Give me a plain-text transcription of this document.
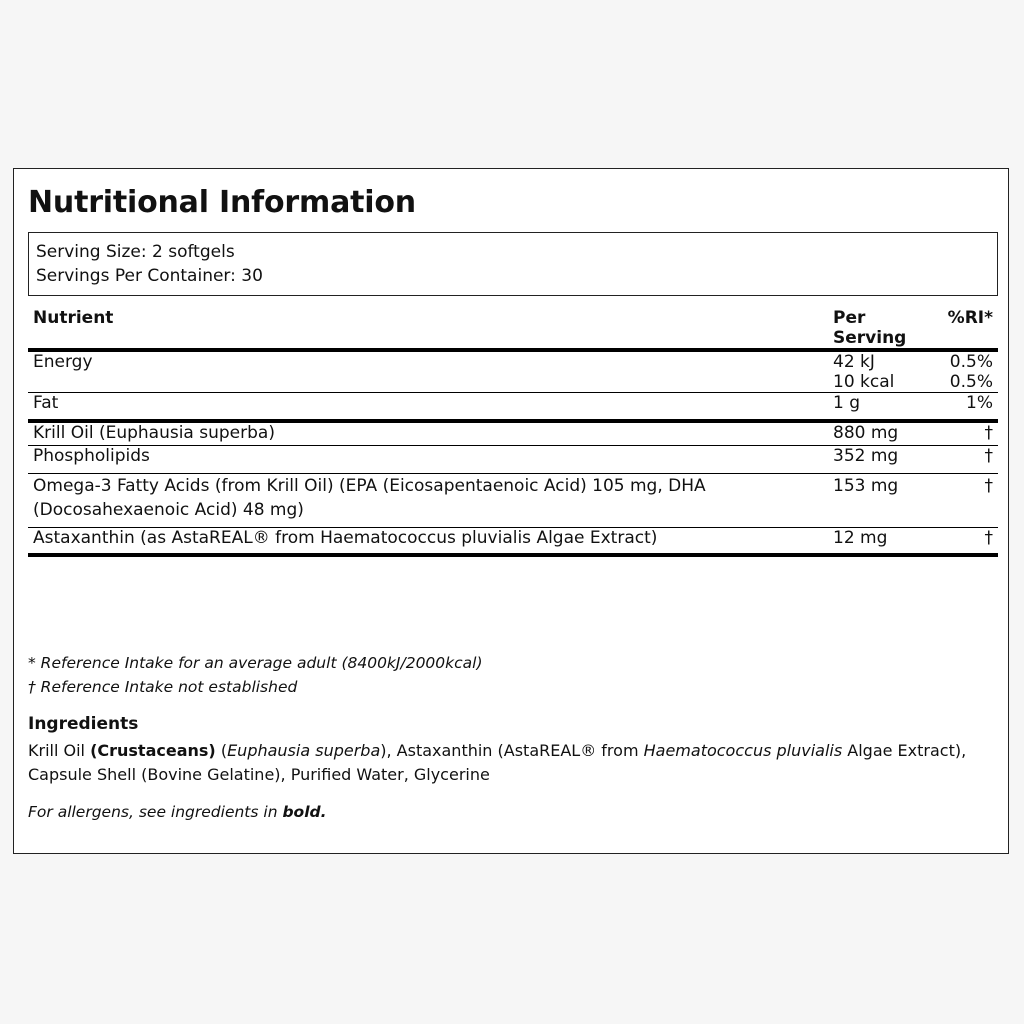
Nutritional Information
Serving Size: 2 softgels
Servings Per Container: 30
Nutrient	Per Serving	%RI*
Energy	42 kJ	0.5%
	10 kcal	0.5%
Fat	1 g	1%
Krill Oil (Euphausia superba)	880 mg	†
Phospholipids	352 mg	†
Omega-3 Fatty Acids (from Krill Oil) (EPA (Eicosapentaenoic Acid) 105 mg, DHA (Docosahexaenoic Acid) 48 mg)	153 mg	†
Astaxanthin (as AstaREAL® from Haematococcus pluvialis Algae Extract)	12 mg	†
* Reference Intake for an average adult (8400kJ/2000kcal)
† Reference Intake not established
Ingredients
Krill Oil (Crustaceans) (Euphausia superba), Astaxanthin (AstaREAL® from Haematococcus pluvialis Algae Extract), Capsule Shell (Bovine Gelatine), Purified Water, Glycerine
For allergens, see ingredients in bold.
